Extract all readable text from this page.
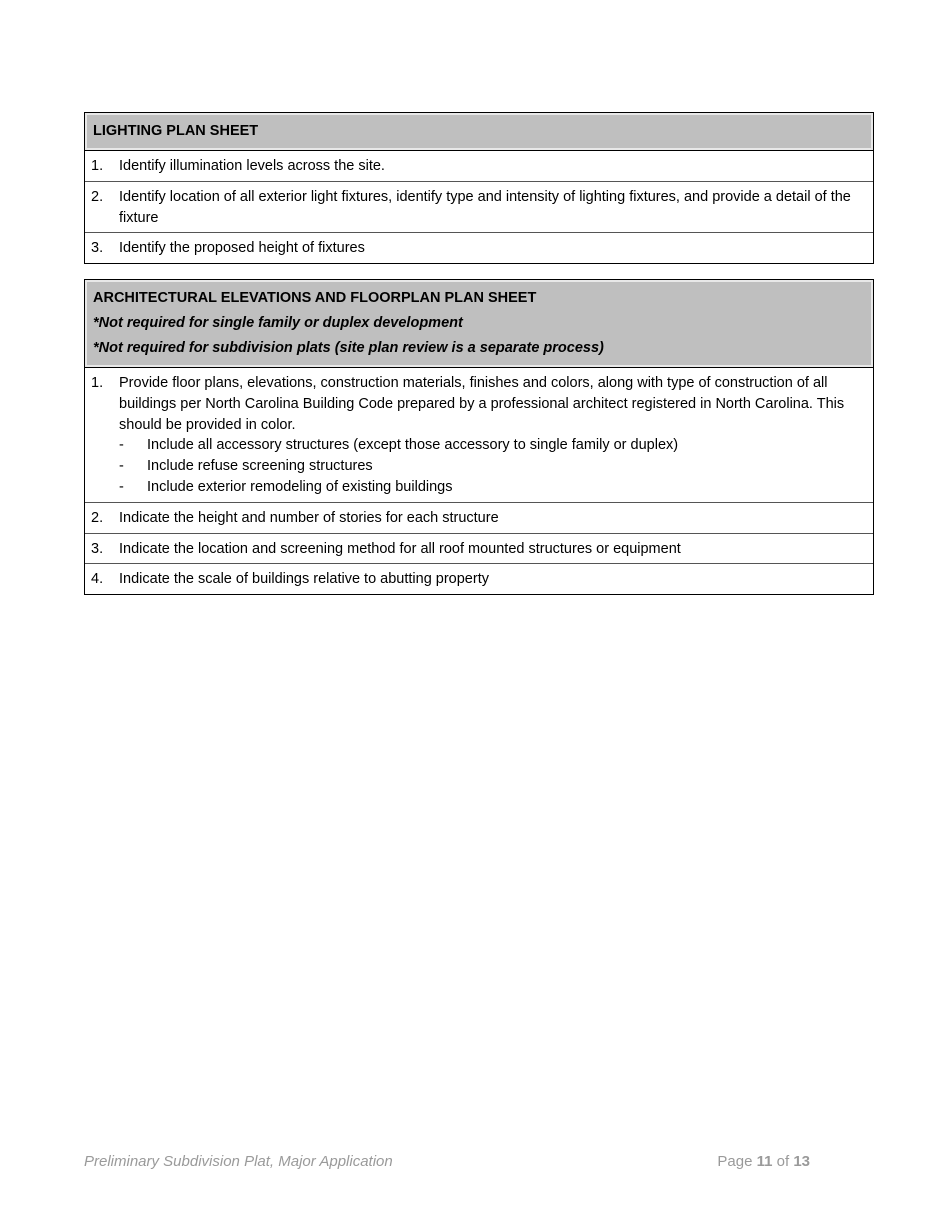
LIGHTING PLAN SHEET
1.	Identify illumination levels across the site.
2.	Identify location of all exterior light fixtures, identify type and intensity of lighting fixtures, and provide a detail of the fixture
3.	Identify the proposed height of fixtures
ARCHITECTURAL ELEVATIONS AND FLOORPLAN PLAN SHEET
*Not required for single family or duplex development
*Not required for subdivision plats (site plan review is a separate process)
1.	Provide floor plans, elevations, construction materials, finishes and colors, along with type of construction of all buildings per North Carolina Building Code prepared by a professional architect registered in North Carolina. This should be provided in color.
-	Include all accessory structures (except those accessory to single family or duplex)
-	Include refuse screening structures
-	Include exterior remodeling of existing buildings
2.	Indicate the height and number of stories for each structure
3.	Indicate the location and screening method for all roof mounted structures or equipment
4.	Indicate the scale of buildings relative to abutting property
Preliminary Subdivision Plat, Major Application	Page 11 of 13
